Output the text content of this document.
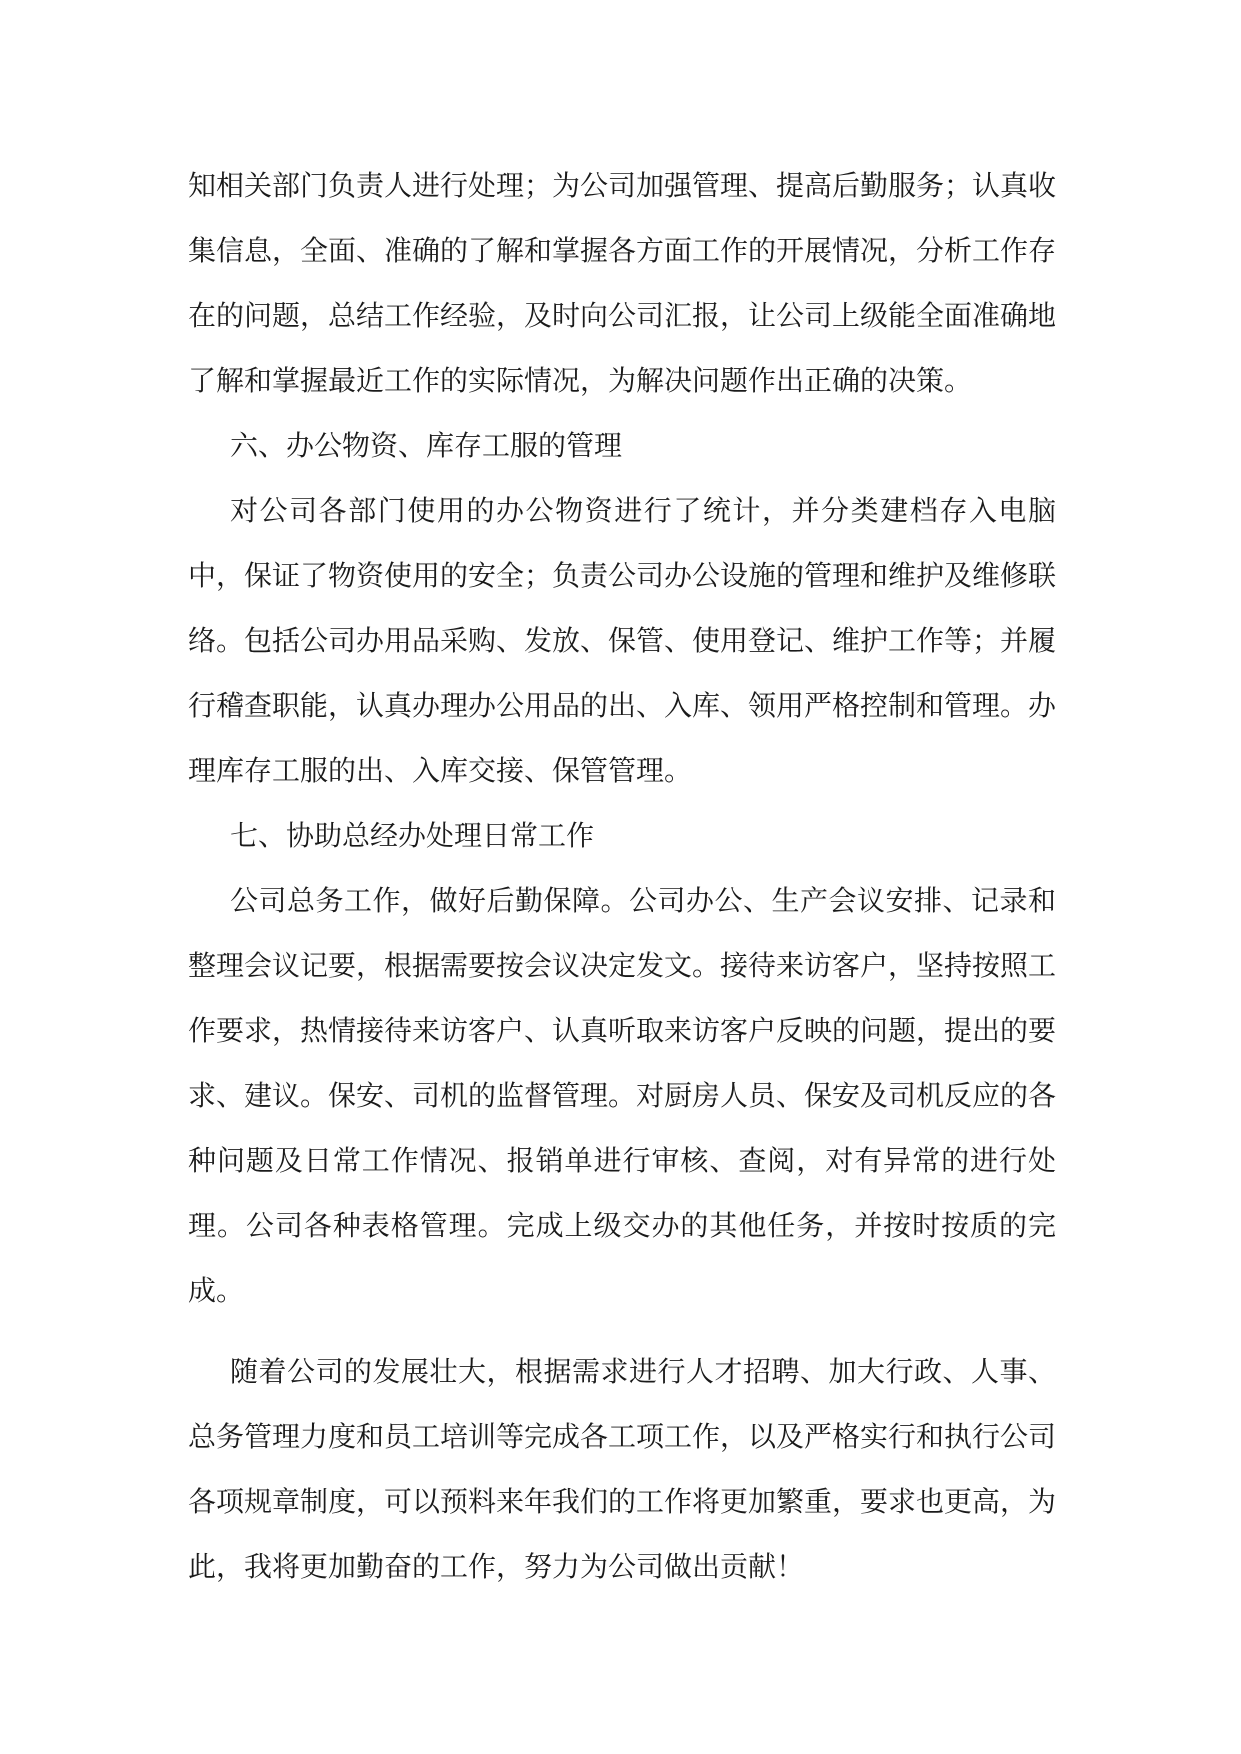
知相关部门负责人进行处理；为公司加强管理、提高后勤服务；认真收集信息，全面、准确的了解和掌握各方面工作的开展情况，分析工作存在的问题，总结工作经验，及时向公司汇报，让公司上级能全面准确地了解和掌握最近工作的实际情况，为解决问题作出正确的决策。

六、办公物资、库存工服的管理

对公司各部门使用的办公物资进行了统计，并分类建档存入电脑中，保证了物资使用的安全；负责公司办公设施的管理和维护及维修联络。包括公司办用品采购、发放、保管、使用登记、维护工作等；并履行稽查职能，认真办理办公用品的出、入库、领用严格控制和管理。办理库存工服的出、入库交接、保管管理。

七、协助总经办处理日常工作

公司总务工作，做好后勤保障。公司办公、生产会议安排、记录和整理会议记要，根据需要按会议决定发文。接待来访客户，坚持按照工作要求，热情接待来访客户、认真听取来访客户反映的问题，提出的要求、建议。保安、司机的监督管理。对厨房人员、保安及司机反应的各种问题及日常工作情况、报销单进行审核、查阅，对有异常的进行处理。公司各种表格管理。完成上级交办的其他任务，并按时按质的完成。

随着公司的发展壮大，根据需求进行人才招聘、加大行政、人事、总务管理力度和员工培训等完成各工项工作，以及严格实行和执行公司各项规章制度，可以预料来年我们的工作将更加繁重，要求也更高，为此，我将更加勤奋的工作，努力为公司做出贡献！
